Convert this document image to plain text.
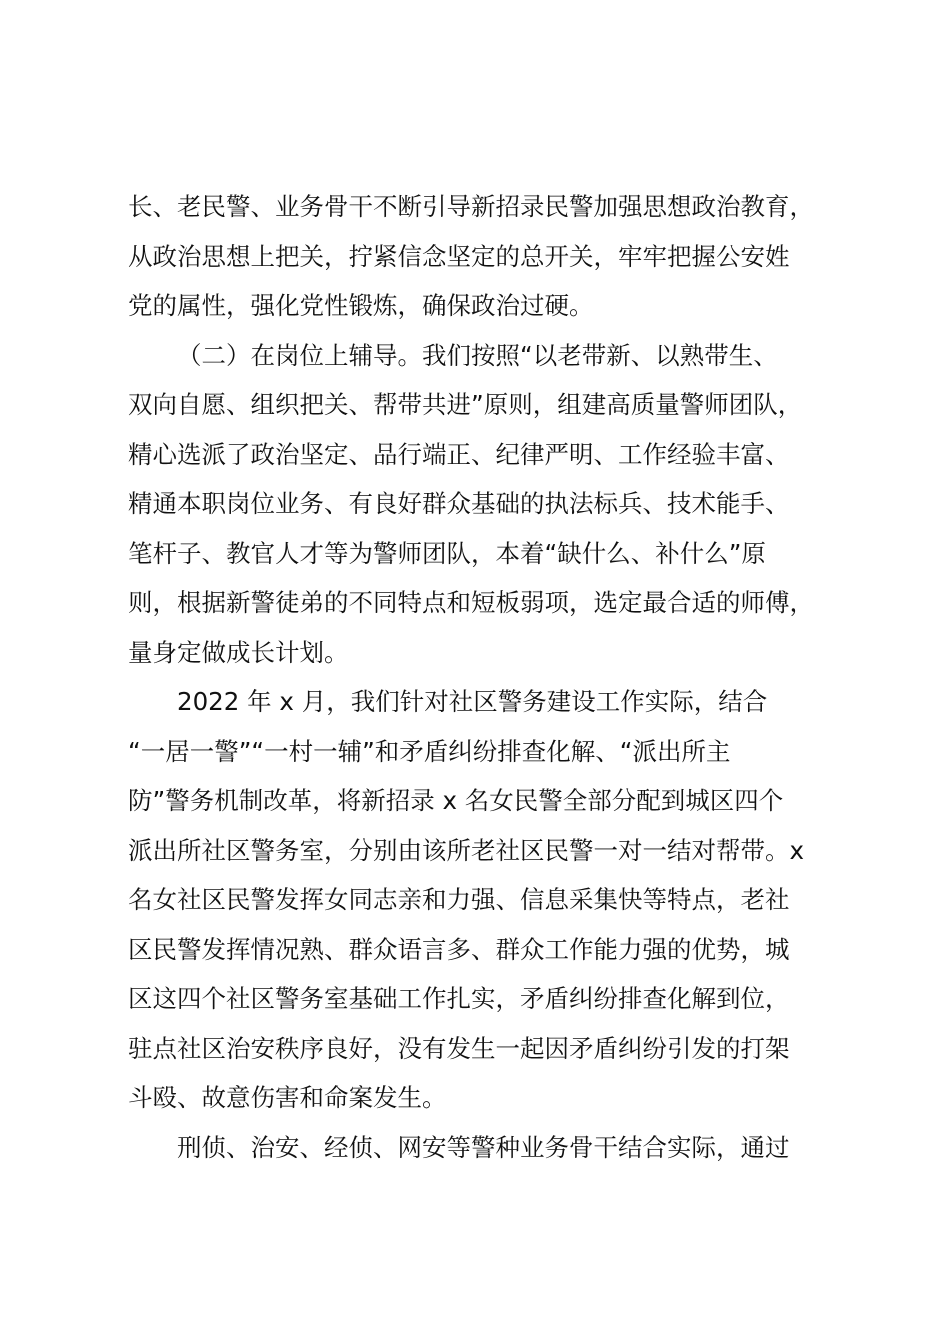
长、老民警、业务骨干不断引导新招录民警加强思想政治教育，
从政治思想上把关，拧紧信念坚定的总开关，牢牢把握公安姓
党的属性，强化党性锻炼，确保政治过硬。
（二）在岗位上辅导。我们按照“以老带新、以熟带生、
双向自愿、组织把关、帮带共进”原则，组建高质量警师团队，
精心选派了政治坚定、品行端正、纪律严明、工作经验丰富、
精通本职岗位业务、有良好群众基础的执法标兵、技术能手、
笔杆子、教官人才等为警师团队，本着“缺什么、补什么”原
则，根据新警徒弟的不同特点和短板弱项，选定最合适的师傅，
量身定做成长计划。
2022 年 x 月，我们针对社区警务建设工作实际，结合
“一居一警”“一村一辅”和矛盾纠纷排查化解、“派出所主
防”警务机制改革，将新招录 x 名女民警全部分配到城区四个
派出所社区警务室，分别由该所老社区民警一对一结对帮带。x
名女社区民警发挥女同志亲和力强、信息采集快等特点，老社
区民警发挥情况熟、群众语言多、群众工作能力强的优势，城
区这四个社区警务室基础工作扎实，矛盾纠纷排查化解到位，
驻点社区治安秩序良好，没有发生一起因矛盾纠纷引发的打架
斗殴、故意伤害和命案发生。
刑侦、治安、经侦、网安等警种业务骨干结合实际，通过
